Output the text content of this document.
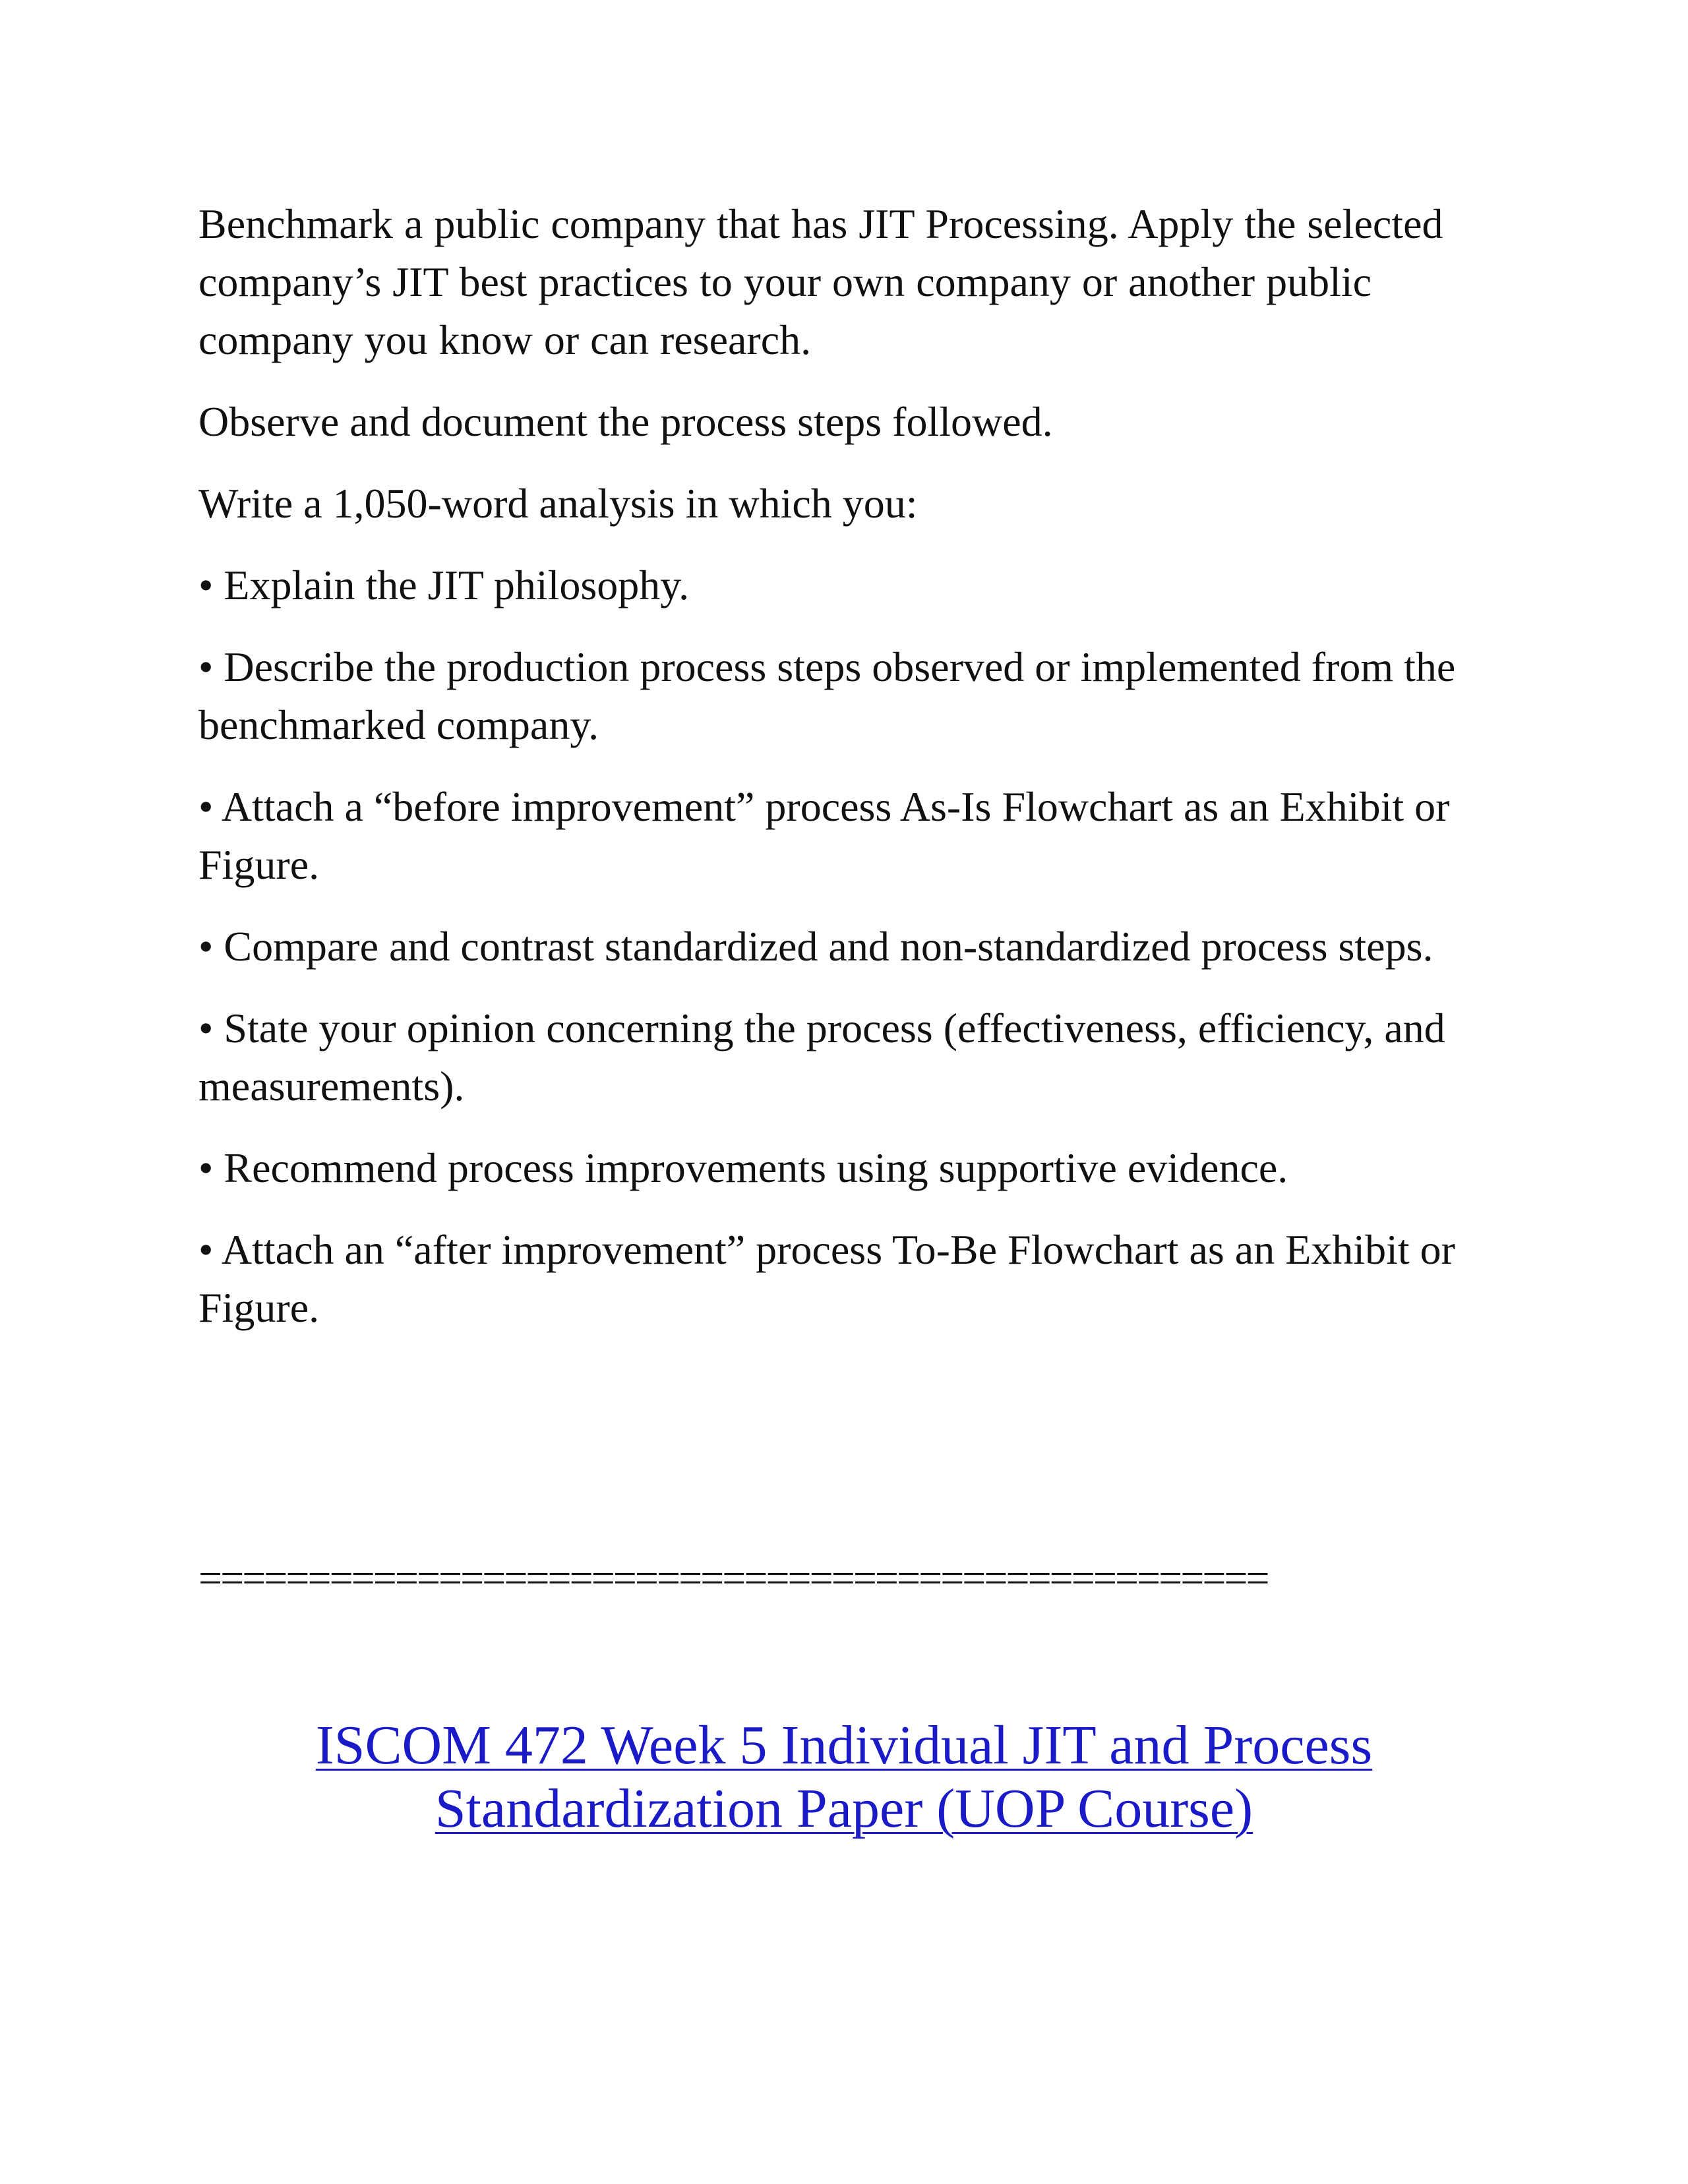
Benchmark a public company that has JIT Processing. Apply the selected company’s JIT best practices to your own company or another public company you know or can research.

Observe and document the process steps followed.

Write a 1,050-word analysis in which you:

• Explain the JIT philosophy.

• Describe the production process steps observed or implemented from the benchmarked company.

• Attach a “before improvement” process As-Is Flowchart as an Exhibit or Figure.

• Compare and contrast standardized and non-standardized process steps.

• State your opinion concerning the process (effectiveness, efficiency, and measurements).

• Recommend process improvements using supportive evidence.

• Attach an “after improvement” process To-Be Flowchart as an Exhibit or Figure.

=================================================
ISCOM 472 Week 5 Individual JIT and Process
Standardization Paper (UOP Course)
